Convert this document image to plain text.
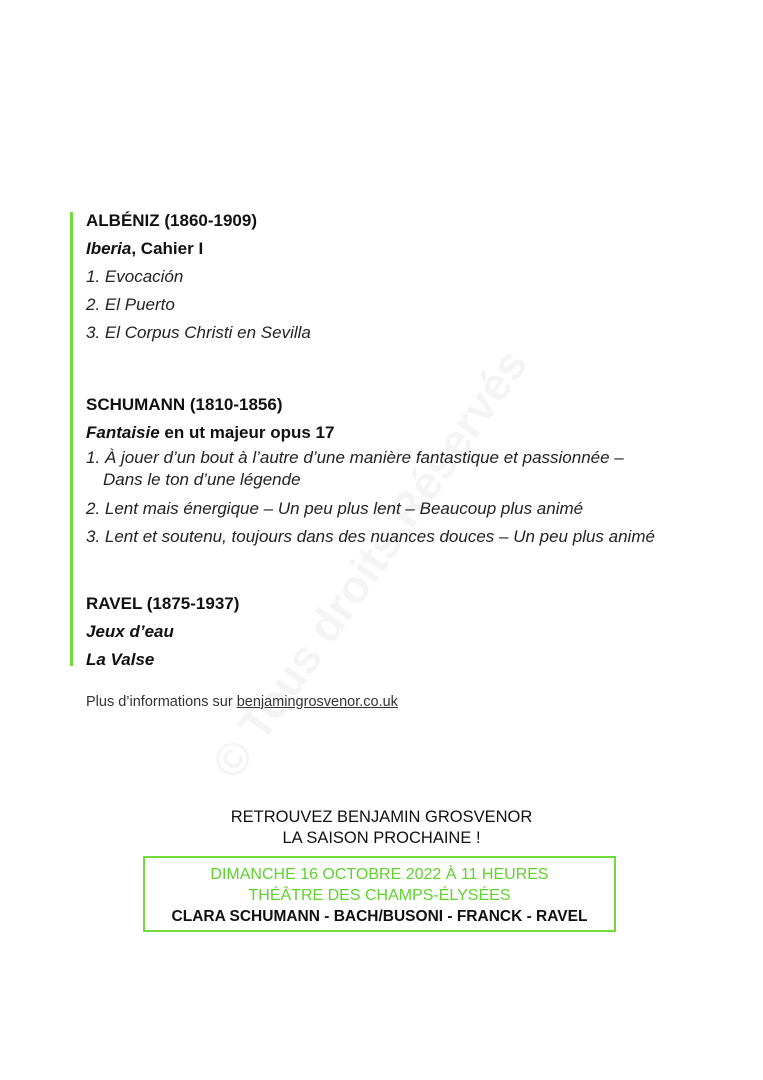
ALBÉNIZ (1860-1909)
Iberia, Cahier I
1. Evocación
2. El Puerto
3. El Corpus Christi en Sevilla
SCHUMANN (1810-1856)
Fantaisie en ut majeur opus 17
1. À jouer d’un bout à l’autre d’une manière fantastique et passionnée –
Dans le ton d’une légende
2. Lent mais énergique – Un peu plus lent – Beaucoup plus animé
3. Lent et soutenu, toujours dans des nuances douces – Un peu plus animé
RAVEL (1875-1937)
Jeux d’eau
La Valse
Plus d’informations sur benjamingrosvenor.co.uk
RETROUVEZ BENJAMIN GROSVENOR
LA SAISON PROCHAINE !
DIMANCHE 16 OCTOBRE 2022 À 11 HEURES
THÉÂTRE DES CHAMPS-ÉLYSÉES
CLARA SCHUMANN - BACH/BUSONI - FRANCK - RAVEL
